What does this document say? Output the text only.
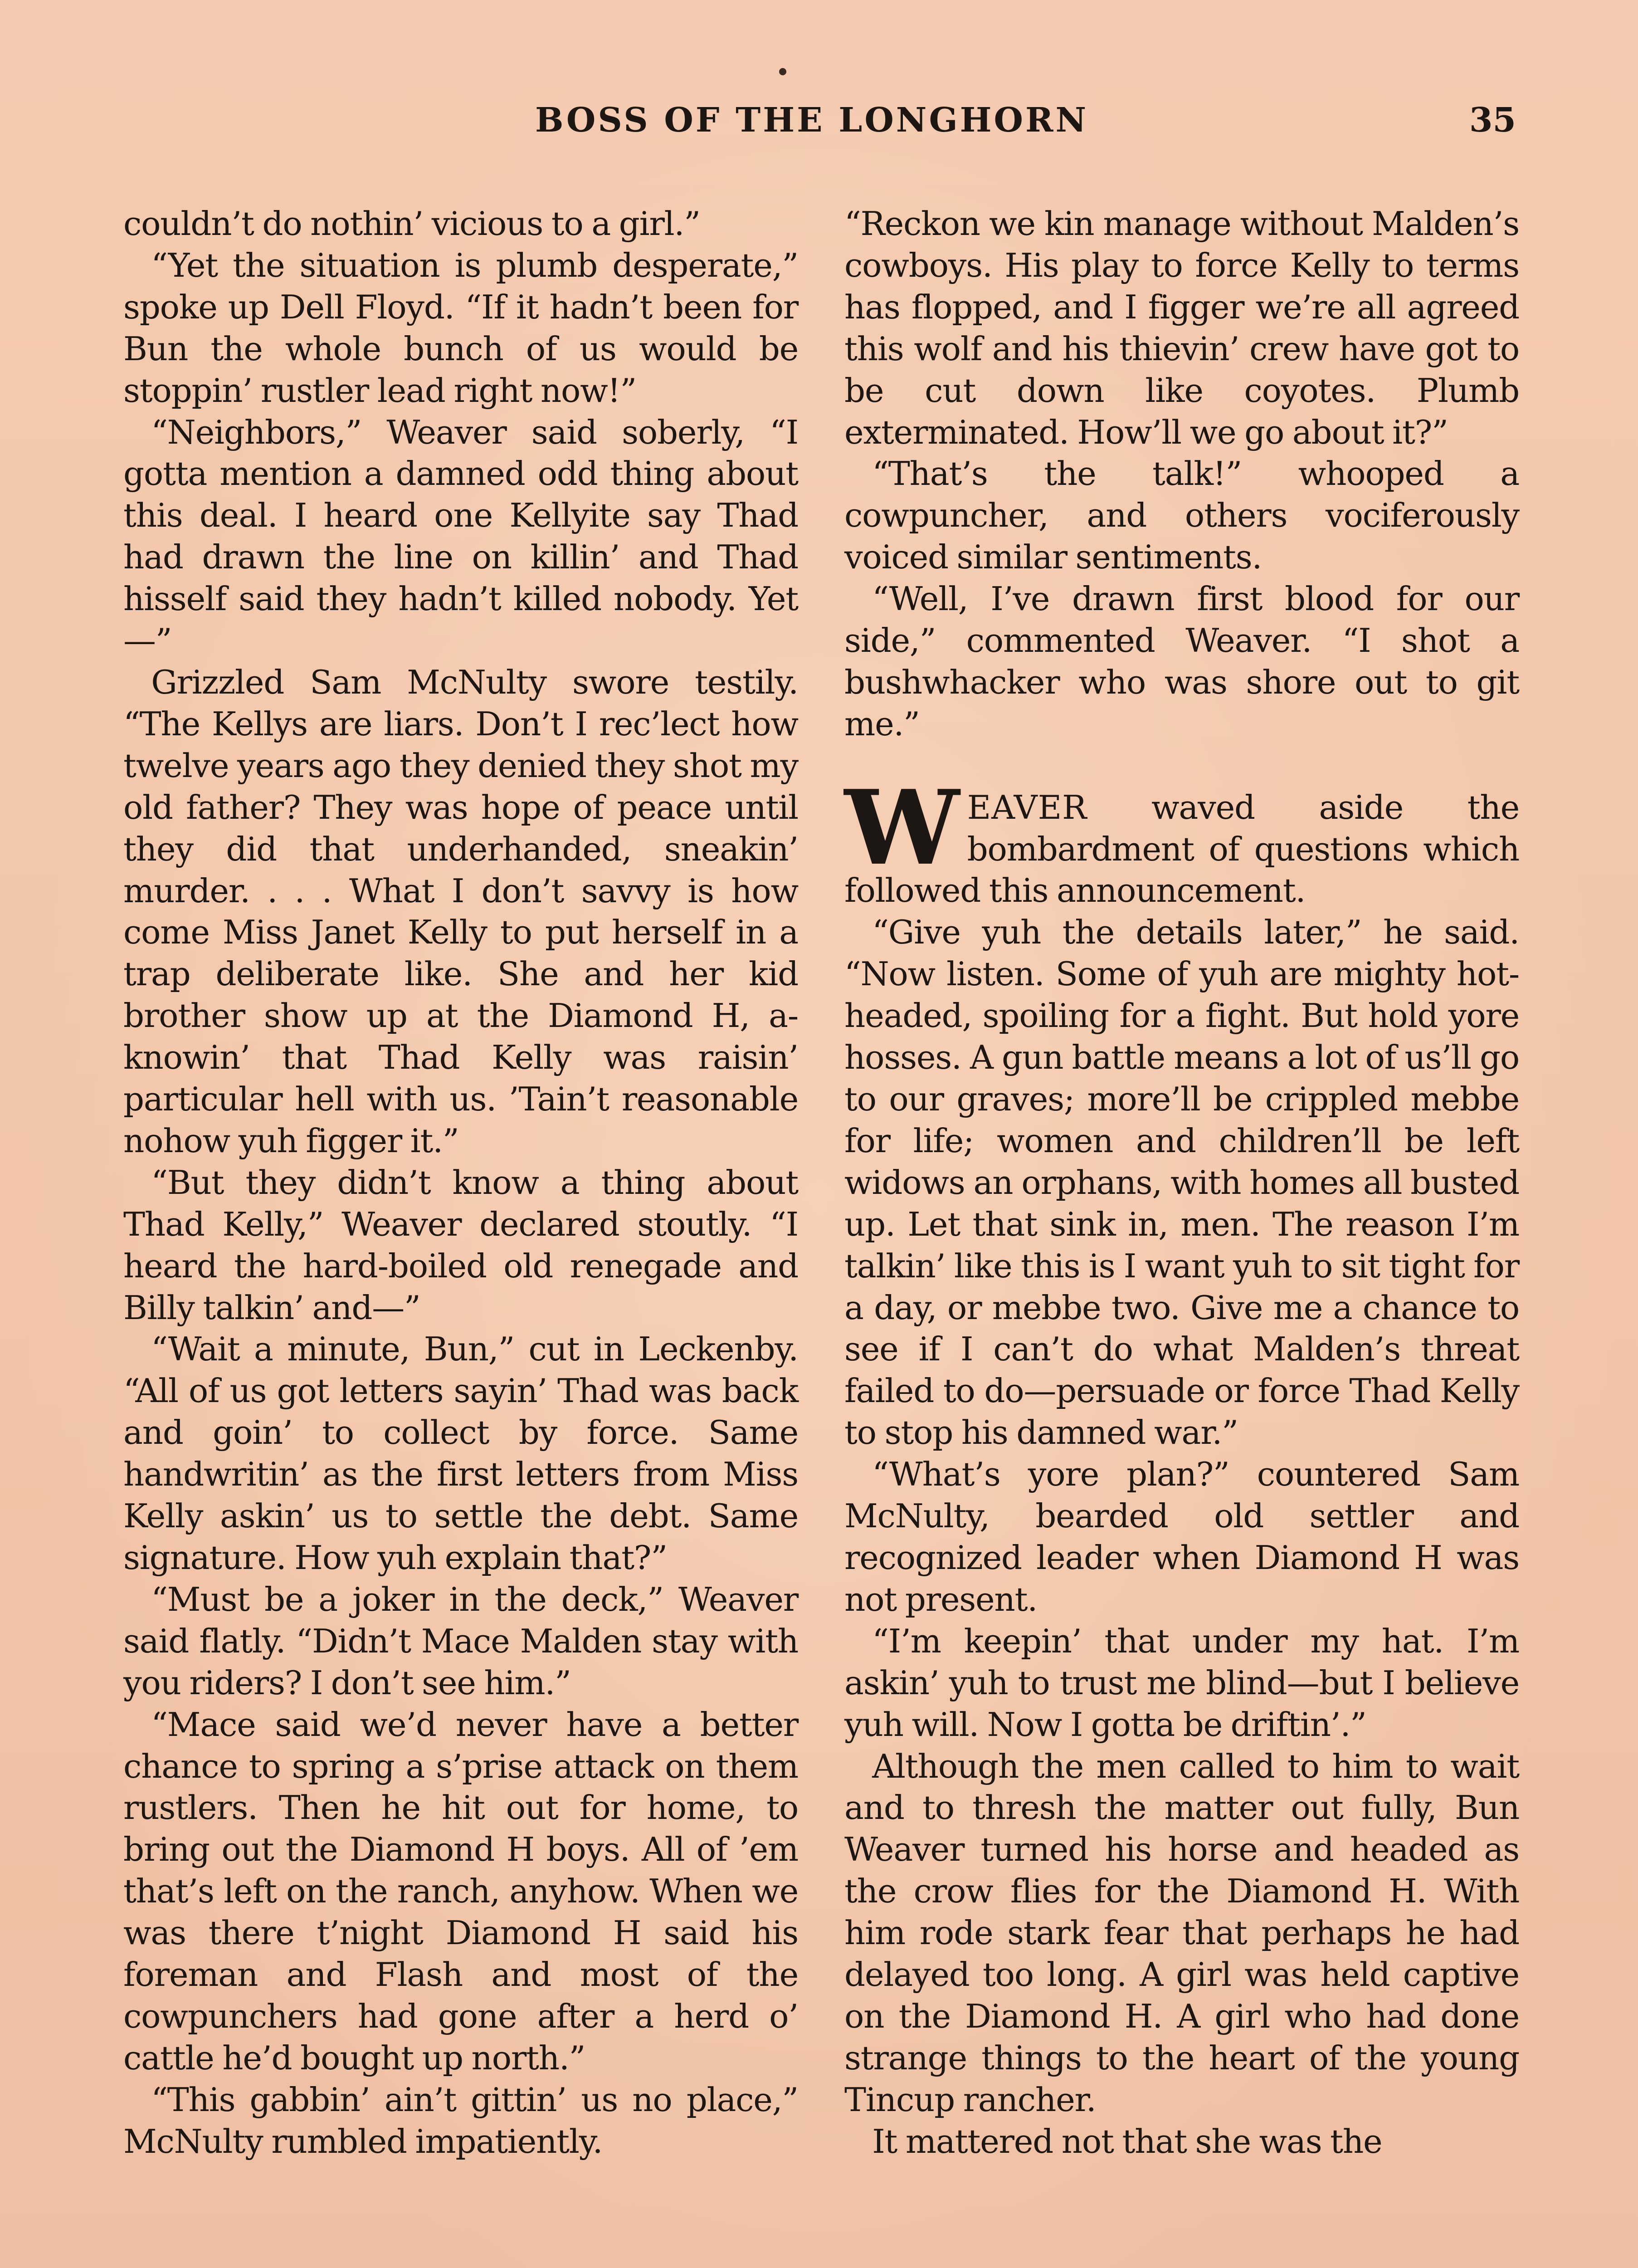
BOSS OF THE LONGHORN	35

couldn’t do nothin’ vicious to a girl.”

“Yet the situation is plumb desperate,” spoke up Dell Floyd. “If it hadn’t been for Bun the whole bunch of us would be stoppin’ rustler lead right now!”

“Neighbors,” Weaver said soberly, “I gotta mention a damned odd thing about this deal. I heard one Kellyite say Thad had drawn the line on killin’ and Thad hisself said they hadn’t killed nobody. Yet—”

Grizzled Sam McNulty swore testily. “The Kellys are liars. Don’t I rec’lect how twelve years ago they denied they shot my old father? They was hope of peace until they did that underhanded, sneakin’ murder. . . . What I don’t savvy is how come Miss Janet Kelly to put herself in a trap deliberate like. She and her kid brother show up at the Diamond H, a-knowin’ that Thad Kelly was raisin’ particular hell with us. ’Tain’t reasonable nohow yuh figger it.”

“But they didn’t know a thing about Thad Kelly,” Weaver declared stoutly. “I heard the hard-boiled old renegade and Billy talkin’ and—”

“Wait a minute, Bun,” cut in Leckenby. “All of us got letters sayin’ Thad was back and goin’ to collect by force. Same handwritin’ as the first letters from Miss Kelly askin’ us to settle the debt. Same signature. How yuh explain that?”

“Must be a joker in the deck,” Weaver said flatly. “Didn’t Mace Malden stay with you riders? I don’t see him.”

“Mace said we’d never have a better chance to spring a s’prise attack on them rustlers. Then he hit out for home, to bring out the Diamond H boys. All of ’em that’s left on the ranch, anyhow. When we was there t’night Diamond H said his foreman and Flash and most of the cowpunchers had gone after a herd o’ cattle he’d bought up north.”

“This gabbin’ ain’t gittin’ us no place,” McNulty rumbled impatiently.

“Reckon we kin manage without Malden’s cowboys. His play to force Kelly to terms has flopped, and I figger we’re all agreed this wolf and his thievin’ crew have got to be cut down like coyotes. Plumb exterminated. How’ll we go about it?”

“That’s the talk!” whooped a cowpuncher, and others vociferously voiced similar sentiments.

“Well, I’ve drawn first blood for our side,” commented Weaver. “I shot a bushwhacker who was shore out to git me.”

WEAVER waved aside the bombardment of questions which followed this announcement.

“Give yuh the details later,” he said. “Now listen. Some of yuh are mighty hot-headed, spoiling for a fight. But hold yore hosses. A gun battle means a lot of us’ll go to our graves; more’ll be crippled mebbe for life; women and children’ll be left widows an orphans, with homes all busted up. Let that sink in, men. The reason I’m talkin’ like this is I want yuh to sit tight for a day, or mebbe two. Give me a chance to see if I can’t do what Malden’s threat failed to do—persuade or force Thad Kelly to stop his damned war.”

“What’s yore plan?” countered Sam McNulty, bearded old settler and recognized leader when Diamond H was not present.

“I’m keepin’ that under my hat. I’m askin’ yuh to trust me blind—but I believe yuh will. Now I gotta be driftin’.”

Although the men called to him to wait and to thresh the matter out fully, Bun Weaver turned his horse and headed as the crow flies for the Diamond H. With him rode stark fear that perhaps he had delayed too long. A girl was held captive on the Diamond H. A girl who had done strange things to the heart of the young Tincup rancher.

It mattered not that she was the
